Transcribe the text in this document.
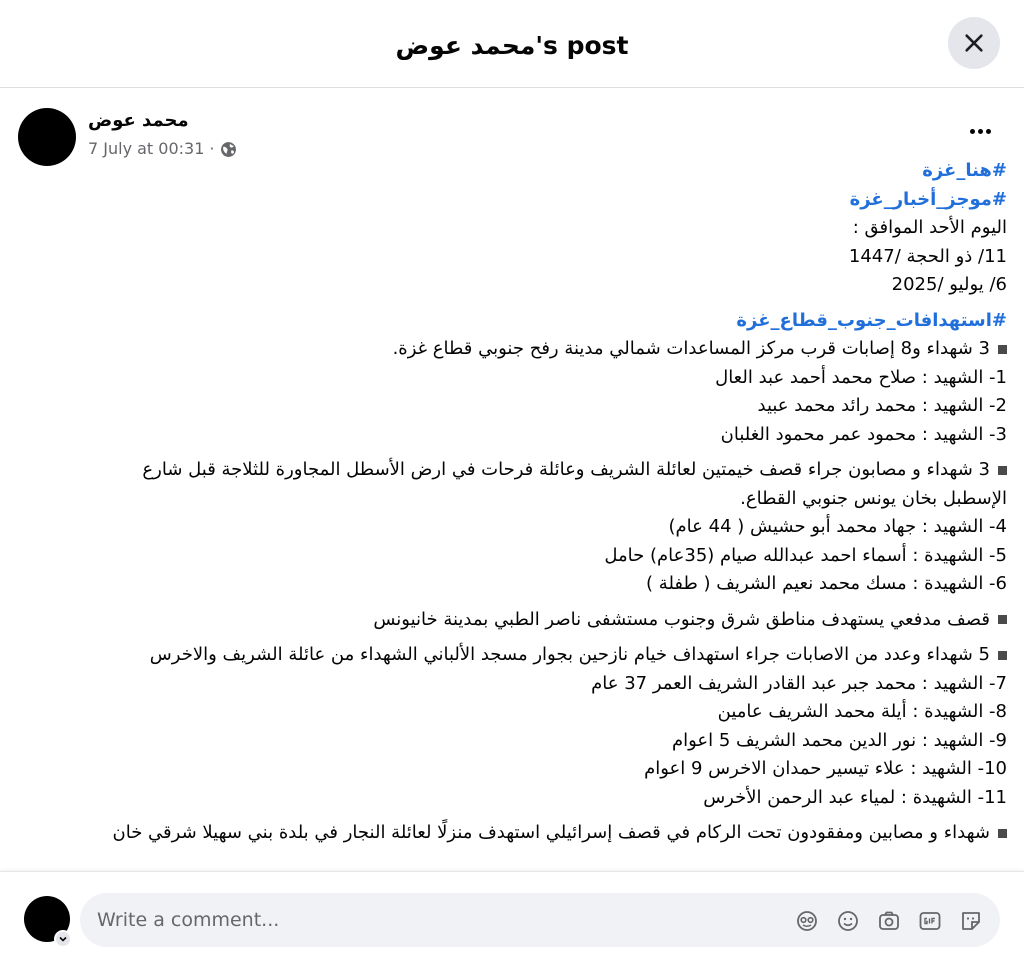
محمد عوض's post
محمد عوض
7 July at 00:31 ·
#هنا_غزة
#موجز_أخبار_غزة
اليوم الأحد الموافق :
11/ ذو الحجة /1447
6/ يوليو /2025
#استهدافات_جنوب_قطاع_غزة
3 شهداء و8 إصابات قرب مركز المساعدات شمالي مدينة رفح جنوبي قطاع غزة.
1- الشهيد : صلاح محمد أحمد عبد العال
2- الشهيد : محمد رائد محمد عبيد
3- الشهيد : محمود عمر محمود الغلبان
3 شهداء و مصابون جراء قصف خيمتين لعائلة الشريف وعائلة فرحات في ارض الأسطل المجاورة للثلاجة قبل شارع
الإسطبل بخان يونس جنوبي القطاع.
4- الشهيد : جهاد محمد أبو حشيش ( 44 عام)
5- الشهيدة : أسماء احمد عبدالله صيام (35عام) حامل
6- الشهيدة : مسك محمد نعيم الشريف ( طفلة )
قصف مدفعي يستهدف مناطق شرق وجنوب مستشفى ناصر الطبي بمدينة خانيونس
5 شهداء وعدد من الاصابات جراء استهداف خيام نازحين بجوار مسجد الألباني الشهداء من عائلة الشريف والاخرس
7- الشهيد : محمد جبر عبد القادر الشريف العمر 37 عام
8- الشهيدة : أيلة محمد الشريف عامين
9- الشهيد : نور الدين محمد الشريف 5 اعوام
10- الشهيد : علاء تيسير حمدان الاخرس 9 اعوام
11- الشهيدة : لمياء عبد الرحمن الأخرس
شهداء و مصابين ومفقودون تحت الركام في قصف إسرائيلي استهدف منزلًا لعائلة النجار في بلدة بني سهيلا شرقي خان
Write a comment...
